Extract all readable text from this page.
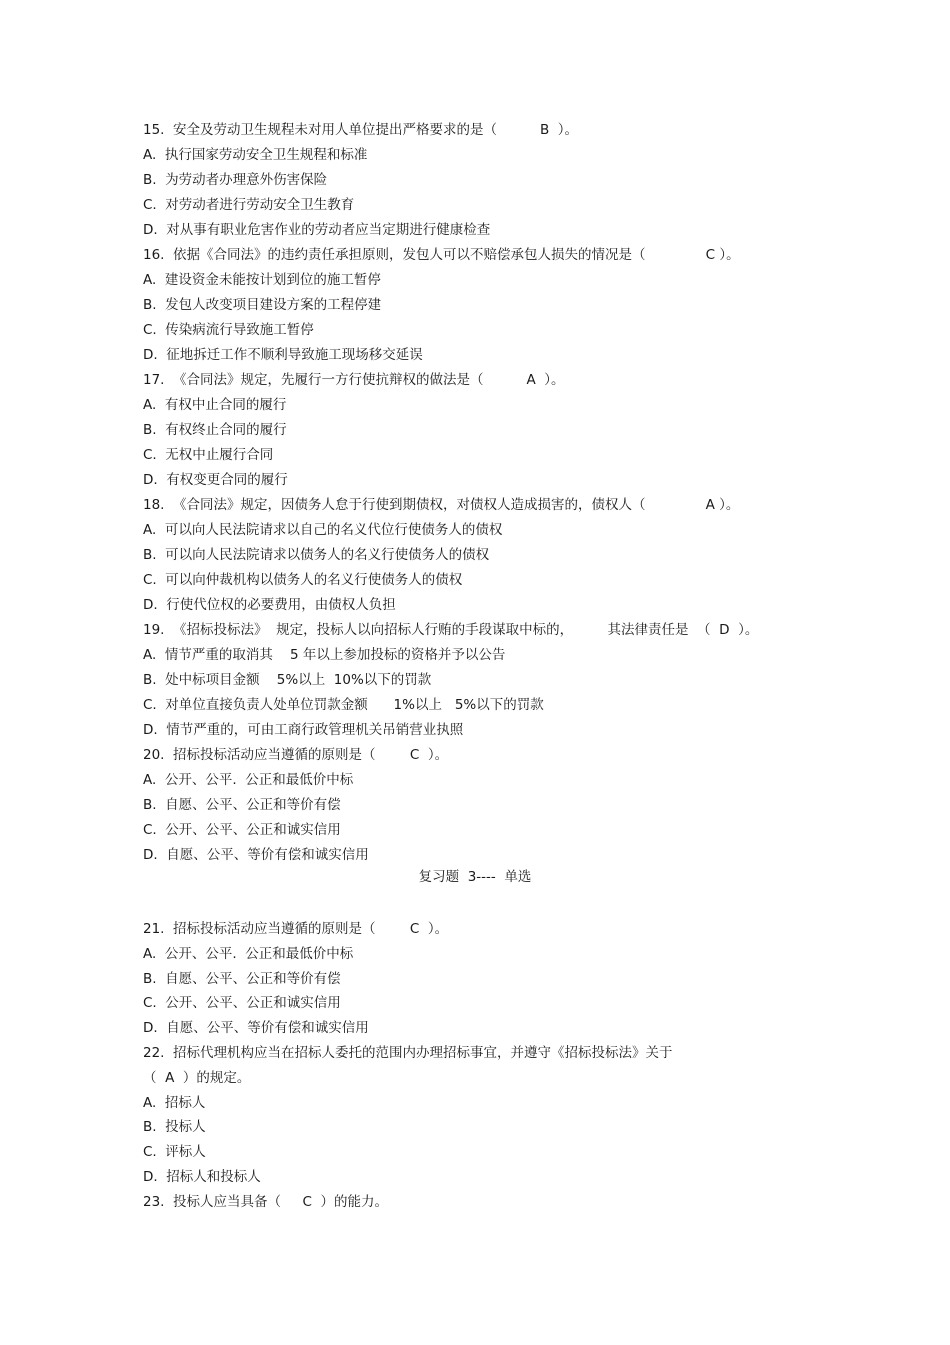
15.  安全及劳动卫生规程未对用人单位提出严格要求的是（          B  ）。
A.  执行国家劳动安全卫生规程和标准
B.  为劳动者办理意外伤害保险
C.  对劳动者进行劳动安全卫生教育
D.  对从事有职业危害作业的劳动者应当定期进行健康检查
16.  依据《合同法》的违约责任承担原则，发包人可以不赔偿承包人损失的情况是（              C ）。
A.  建设资金未能按计划到位的施工暂停
B.  发包人改变项目建设方案的工程停建
C.  传染病流行导致施工暂停
D.  征地拆迁工作不顺利导致施工现场移交延误
17.  《合同法》规定，先履行一方行使抗辩权的做法是（          A  ）。
A.  有权中止合同的履行
B.  有权终止合同的履行
C.  无权中止履行合同
D.  有权变更合同的履行
18.  《合同法》规定，因债务人怠于行使到期债权，对债权人造成损害的，债权人（              A ）。
A.  可以向人民法院请求以自己的名义代位行使债务人的债权
B.  可以向人民法院请求以债务人的名义行使债务人的债权
C.  可以向仲裁机构以债务人的名义行使债务人的债权
D.  行使代位权的必要费用，由债权人负担
19.  《招标投标法》  规定，投标人以向招标人行贿的手段谋取中标的，        其法律责任是  （  D  ）。
A.  情节严重的取消其    5 年以上参加投标的资格并予以公告
B.  处中标项目金额    5%以上  10%以下的罚款
C.  对单位直接负责人处单位罚款金额      1%以上   5%以下的罚款
D.  情节严重的，可由工商行政管理机关吊销营业执照
20.  招标投标活动应当遵循的原则是（        C  ）。
A.  公开、公平.  公正和最低价中标
B.  自愿、公平、公正和等价有偿
C.  公开、公平、公正和诚实信用
D.  自愿、公平、等价有偿和诚实信用
复习题  3----  单选
21.  招标投标活动应当遵循的原则是（        C  ）。
A.  公开、公平.  公正和最低价中标
B.  自愿、公平、公正和等价有偿
C.  公开、公平、公正和诚实信用
D.  自愿、公平、等价有偿和诚实信用
22.  招标代理机构应当在招标人委托的范围内办理招标事宜，并遵守《招标投标法》关于
（  A  ）的规定。
A.  招标人
B.  投标人
C.  评标人
D.  招标人和投标人
23.  投标人应当具备（     C  ）的能力。
